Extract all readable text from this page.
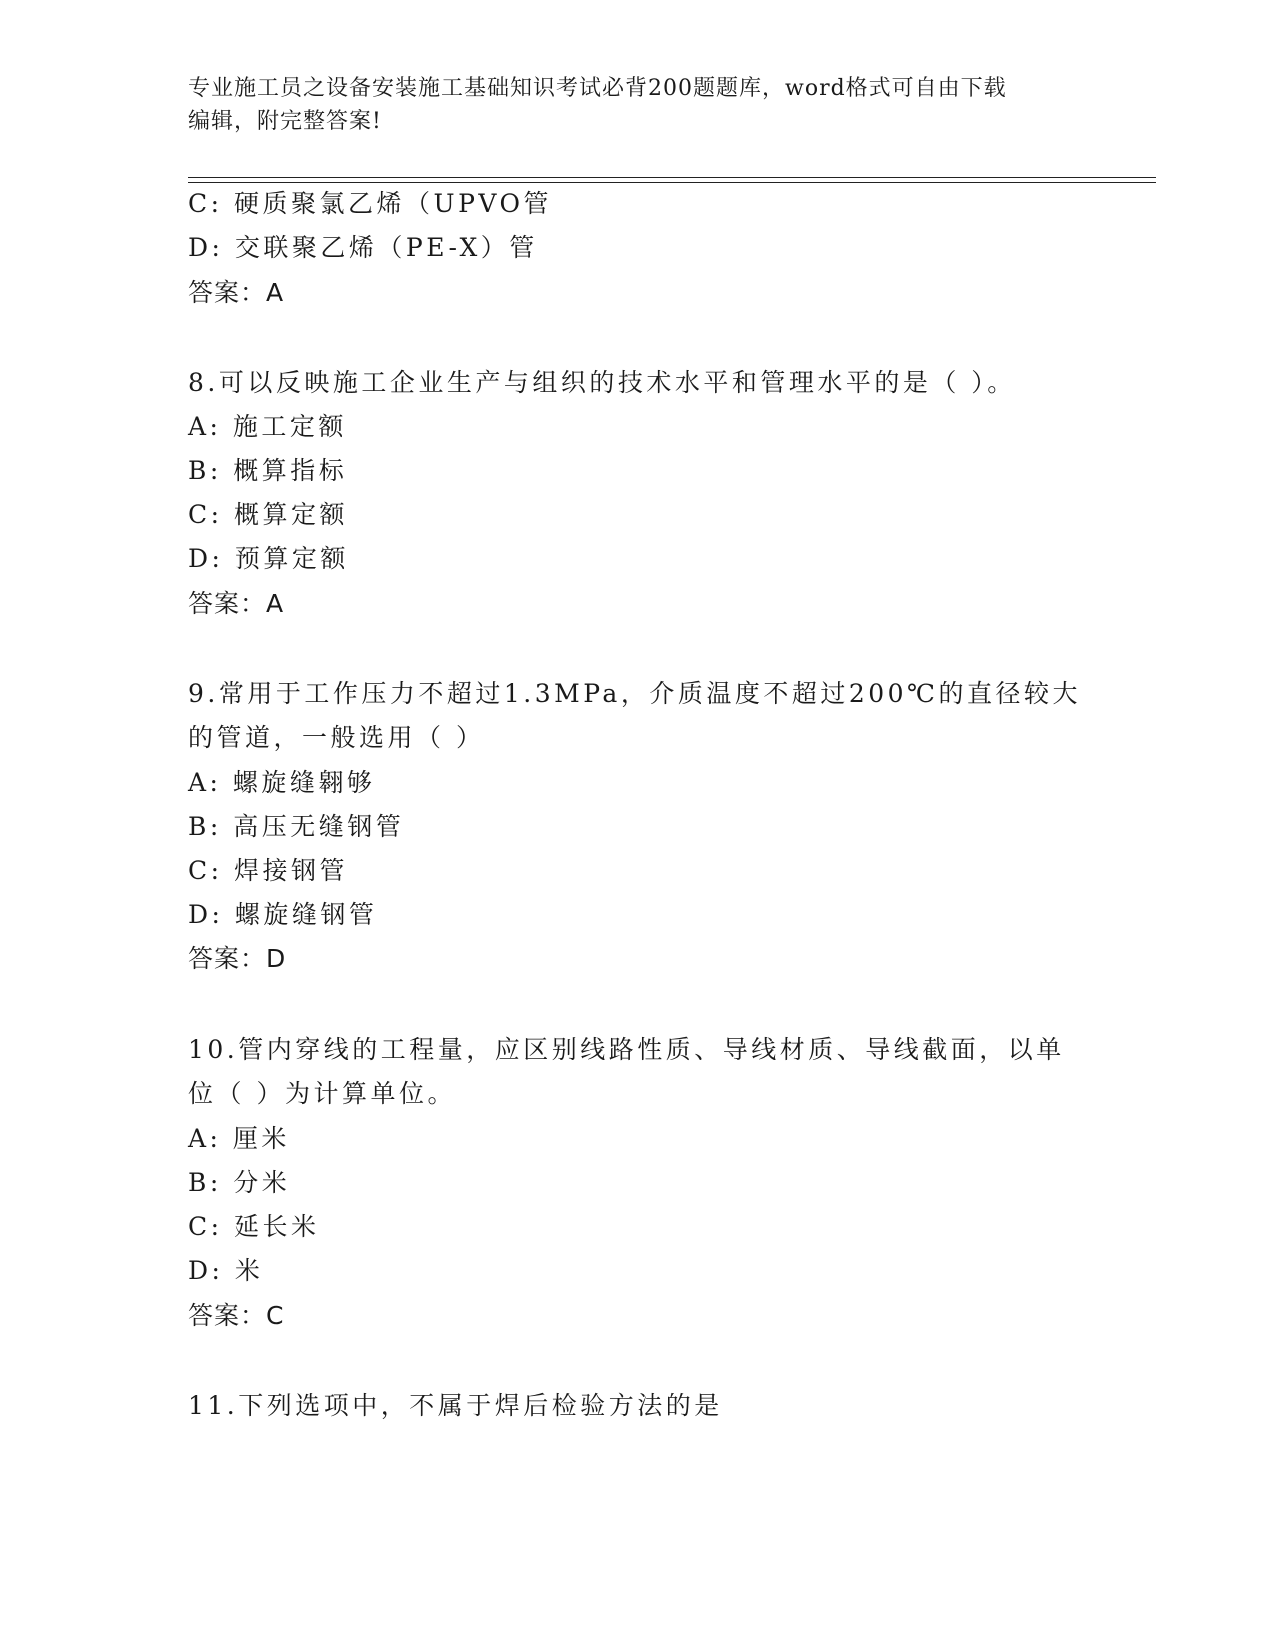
专业施工员之设备安装施工基础知识考试必背200题题库，word格式可自由下载
编辑，附完整答案!
C: 硬质聚氯乙烯（UPVO管
D: 交联聚乙烯（PE-X）管
答案：A
8.可以反映施工企业生产与组织的技术水平和管理水平的是（ ）。
A: 施工定额
B: 概算指标
C: 概算定额
D: 预算定额
答案：A
9.常用于工作压力不超过1.3MPa，介质温度不超过200℃的直径较大
的管道，一般选用（ ）
A: 螺旋缝翱够
B: 高压无缝钢管
C: 焊接钢管
D: 螺旋缝钢管
答案：D
10.管内穿线的工程量，应区别线路性质、导线材质、导线截面，以单
位（ ）为计算单位。
A: 厘米
B: 分米
C: 延长米
D: 米
答案：C
11.下列选项中，不属于焊后检验方法的是
